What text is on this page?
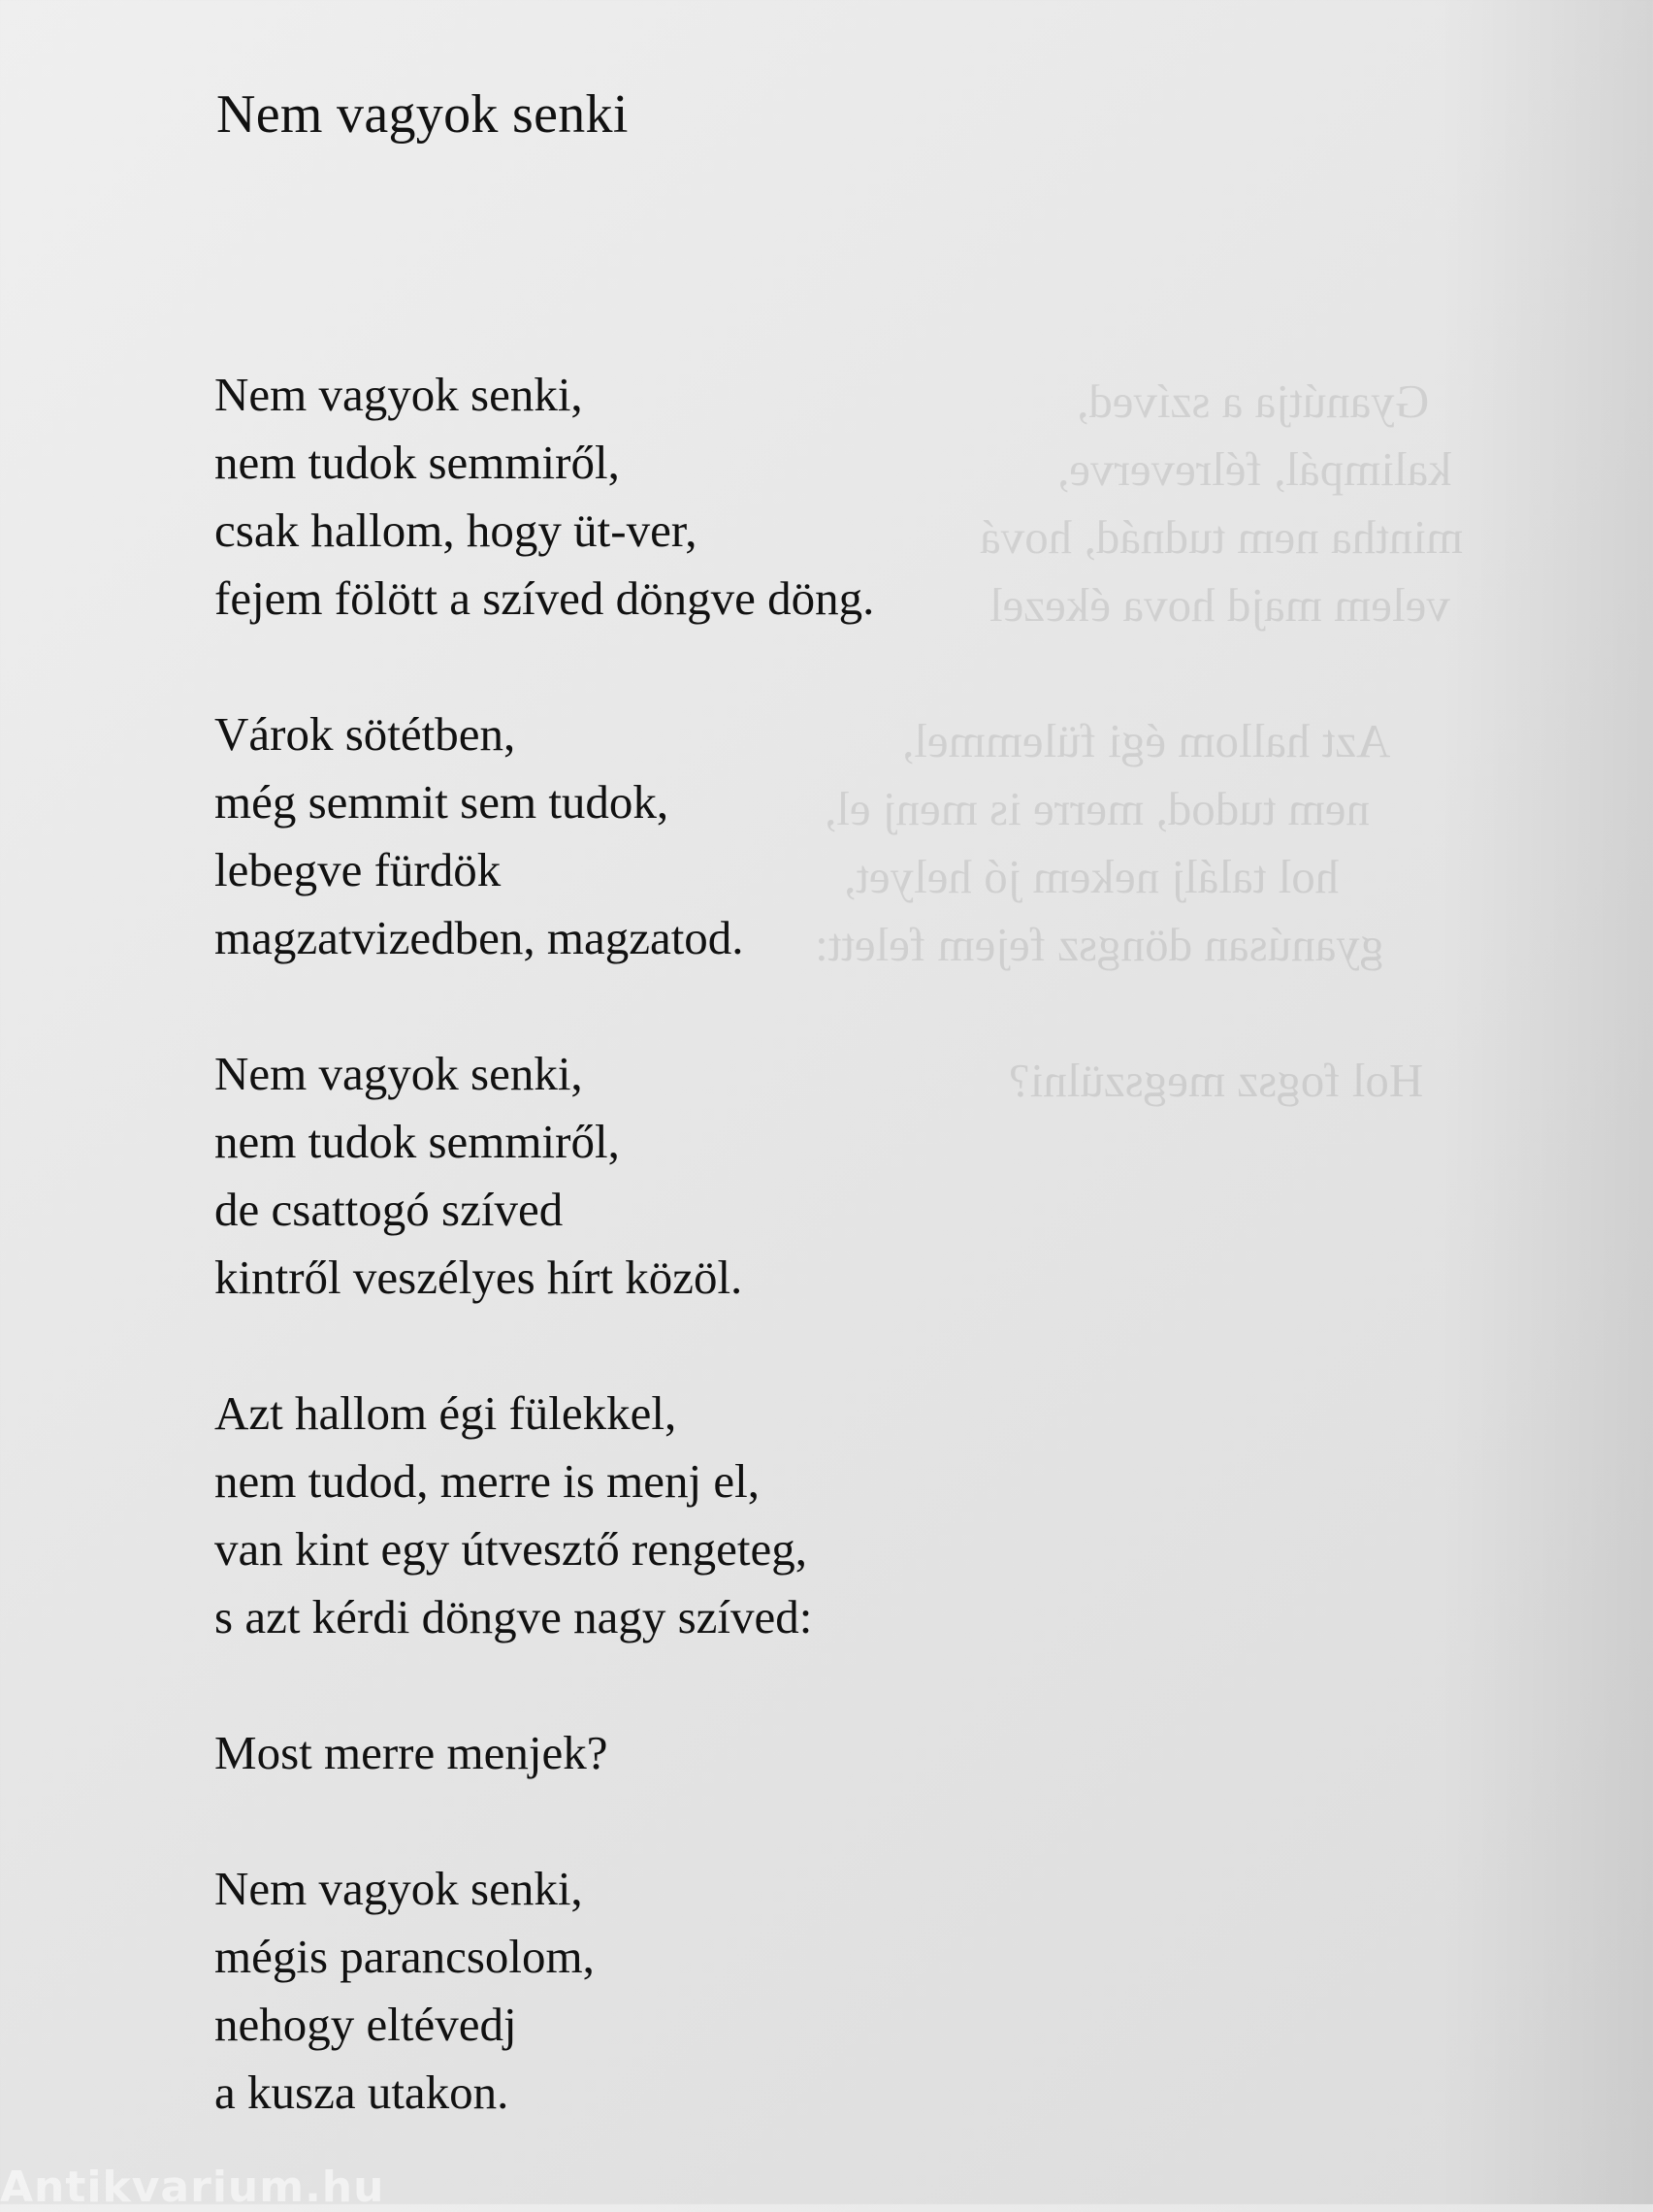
Gyanútja a szíved,
kalimpál, félreverve,
mintha nem tudnád, hová
velem majd hova ékezel
Azt hallom égi fülemmel,
nem tudod, merre is menj el,
hol találj nekem jó helyet,
gyanúsan döngsz fejem felett:
Hol fogsz megszülni?
Nem vagyok senki
Nem vagyok senki,
nem tudok semmiről,
csak hallom, hogy üt-ver,
fejem fölött a szíved döngve döng.
Várok sötétben,
még semmit sem tudok,
lebegve fürdök
magzatvizedben, magzatod.
Nem vagyok senki,
nem tudok semmiről,
de csattogó szíved
kintről veszélyes hírt közöl.
Azt hallom égi fülekkel,
nem tudod, merre is menj el,
van kint egy útvesztő rengeteg,
s azt kérdi döngve nagy szíved:
Most merre menjek?
Nem vagyok senki,
mégis parancsolom,
nehogy eltévedj
a kusza utakon.
Antikvarium.hu
